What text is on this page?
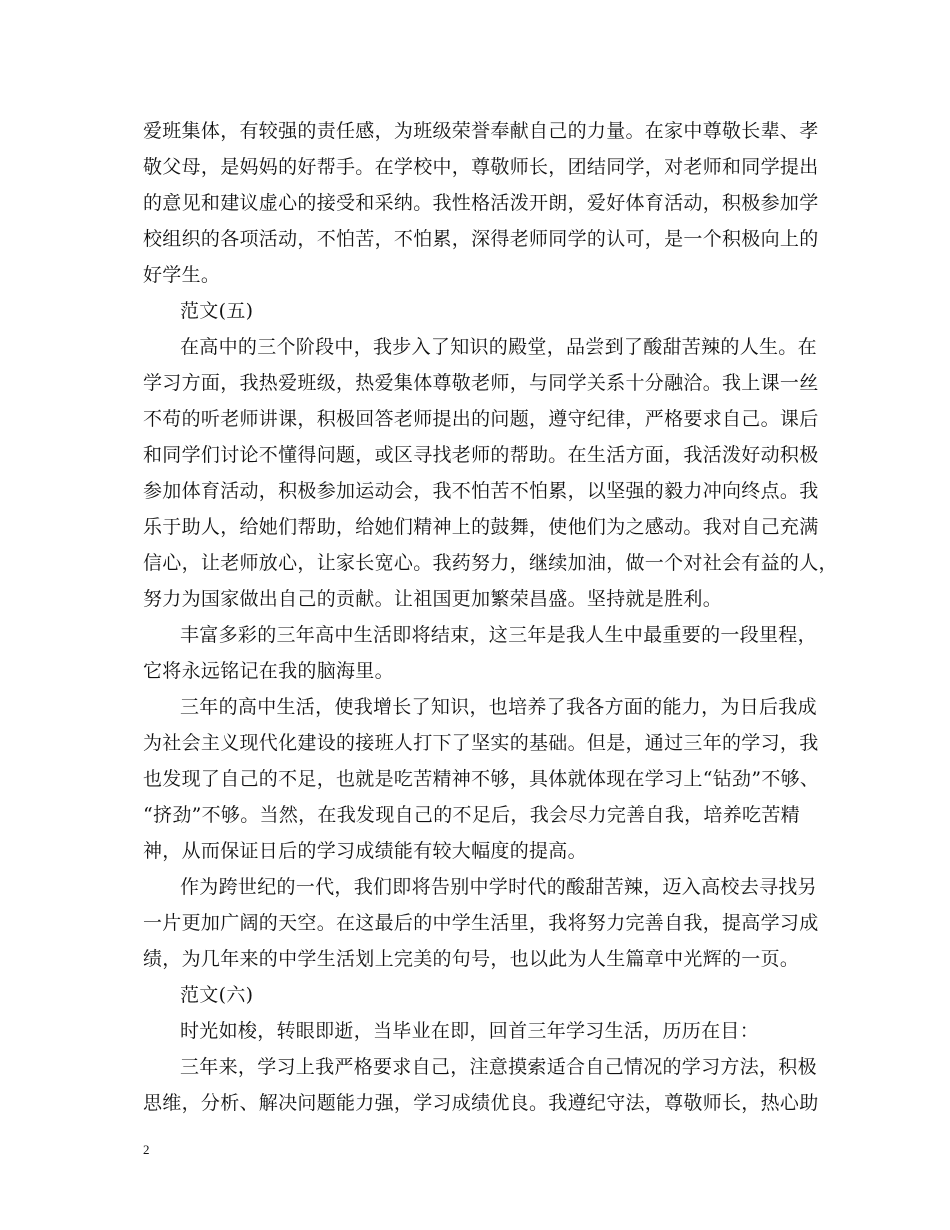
爱班集体，有较强的责任感，为班级荣誉奉献自己的力量。在家中尊敬长辈、孝
敬父母，是妈妈的好帮手。在学校中，尊敬师长，团结同学，对老师和同学提出
的意见和建议虚心的接受和采纳。我性格活泼开朗，爱好体育活动，积极参加学
校组织的各项活动，不怕苦，不怕累，深得老师同学的认可，是一个积极向上的
好学生。
范文(五)
在高中的三个阶段中，我步入了知识的殿堂，品尝到了酸甜苦辣的人生。在
学习方面，我热爱班级，热爱集体尊敬老师，与同学关系十分融洽。我上课一丝
不苟的听老师讲课，积极回答老师提出的问题，遵守纪律，严格要求自己。课后
和同学们讨论不懂得问题，或区寻找老师的帮助。在生活方面，我活泼好动积极
参加体育活动，积极参加运动会，我不怕苦不怕累，以坚强的毅力冲向终点。我
乐于助人，给她们帮助，给她们精神上的鼓舞，使他们为之感动。我对自己充满
信心，让老师放心，让家长宽心。我药努力，继续加油，做一个对社会有益的人，
努力为国家做出自己的贡献。让祖国更加繁荣昌盛。坚持就是胜利。
丰富多彩的三年高中生活即将结束，这三年是我人生中最重要的一段里程，
它将永远铭记在我的脑海里。
三年的高中生活，使我增长了知识，也培养了我各方面的能力，为日后我成
为社会主义现代化建设的接班人打下了坚实的基础。但是，通过三年的学习，我
也发现了自己的不足，也就是吃苦精神不够，具体就体现在学习上“钻劲”不够、
“挤劲”不够。当然，在我发现自己的不足后，我会尽力完善自我，培养吃苦精
神，从而保证日后的学习成绩能有较大幅度的提高。
作为跨世纪的一代，我们即将告别中学时代的酸甜苦辣，迈入高校去寻找另
一片更加广阔的天空。在这最后的中学生活里，我将努力完善自我，提高学习成
绩，为几年来的中学生活划上完美的句号，也以此为人生篇章中光辉的一页。
范文(六)
时光如梭，转眼即逝，当毕业在即，回首三年学习生活，历历在目：
三年来，学习上我严格要求自己，注意摸索适合自己情况的学习方法，积极
思维，分析、解决问题能力强，学习成绩优良。我遵纪守法，尊敬师长，热心助
2
